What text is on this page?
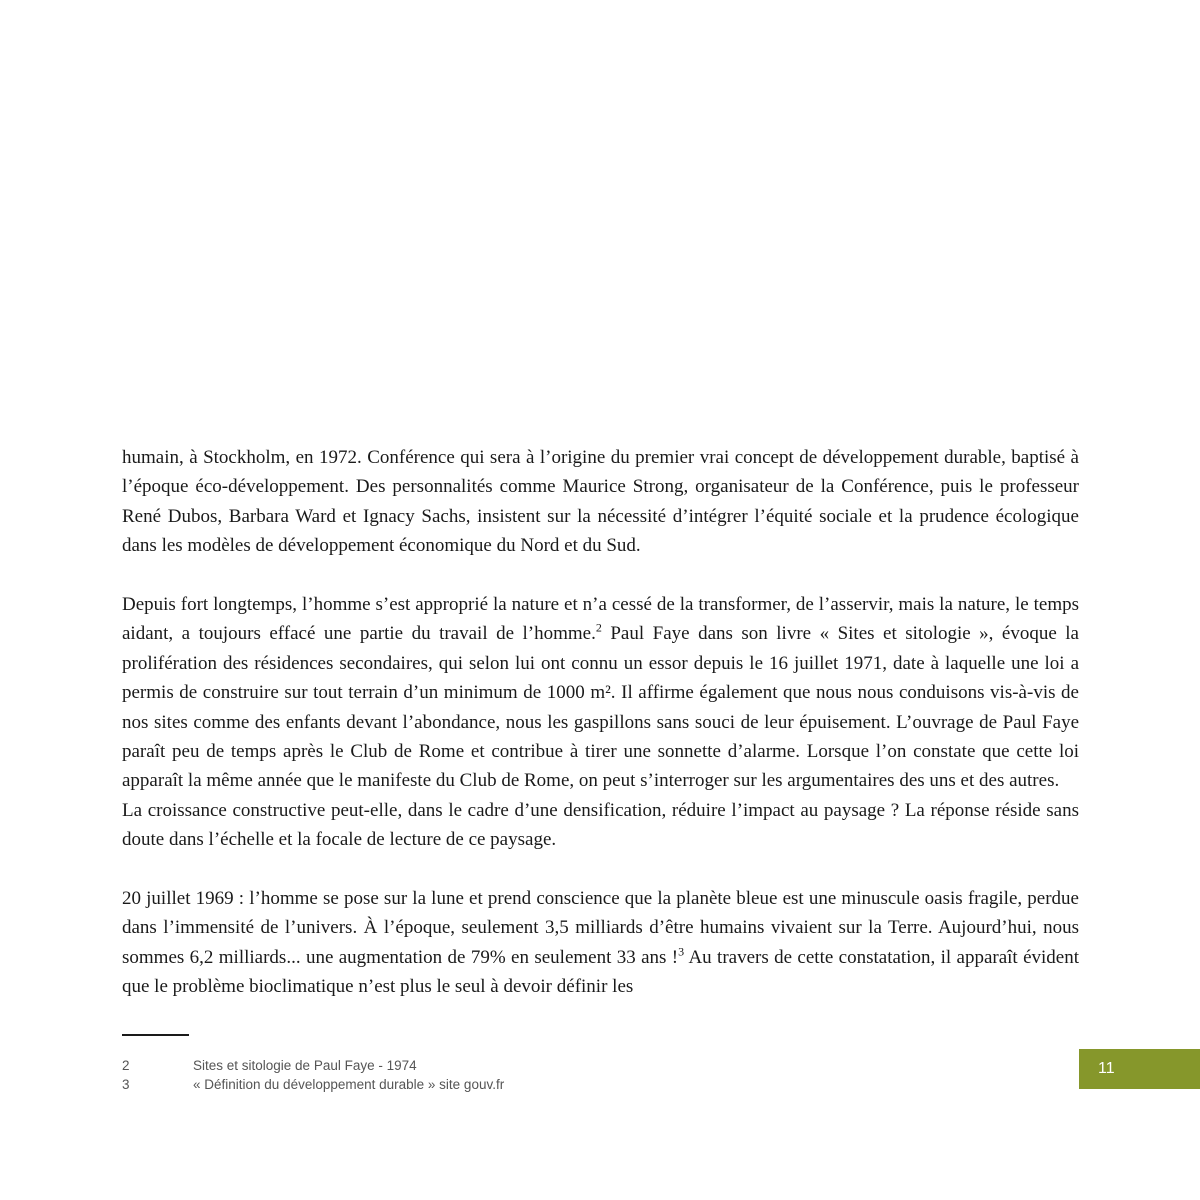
humain, à Stockholm, en 1972. Conférence qui sera à l’origine du premier vrai concept de développement durable, baptisé à l’époque éco-développement. Des personnalités comme Maurice Strong, organisateur de la Conférence, puis le professeur René Dubos, Barbara Ward et Ignacy Sachs, insistent sur la nécessité d’intégrer l’équité sociale et la prudence écologique dans les modèles de développement économique du Nord et du Sud.

Depuis fort longtemps, l’homme s’est approprié la nature et n’a cessé de la transformer, de l’asservir, mais la nature, le temps aidant, a toujours effacé une partie du travail de l’homme.$^2$ Paul Faye dans son livre « Sites et sitologie », évoque la prolifération des résidences secondaires, qui selon lui ont connu un essor depuis le 16 juillet 1971, date à laquelle une loi a permis de construire sur tout terrain d’un minimum de 1000 m². Il affirme également que nous nous conduisons vis-à-vis de nos sites comme des enfants devant l’abondance, nous les gaspillons sans souci de leur épuisement. L’ouvrage de Paul Faye paraît peu de temps après le Club de Rome et contribue à tirer une sonnette d’alarme. Lorsque l’on constate que cette loi apparaît la même année que le manifeste du Club de Rome, on peut s’interroger sur les argumentaires des uns et des autres.

La croissance constructive peut-elle, dans le cadre d’une densification, réduire l’impact au paysage ? La réponse réside sans doute dans l’échelle et la focale de lecture de ce paysage.

20 juillet 1969 : l’homme se pose sur la lune et prend conscience que la planète bleue est une minuscule oasis fragile, perdue dans l’immensité de l’univers. À l’époque, seulement 3,5 milliards d’être humains vivaient sur la Terre. Aujourd’hui, nous sommes 6,2 milliards... une augmentation de 79% en seulement 33 ans !$^3$ Au travers de cette constatation, il apparaît évident que le problème bioclimatique n’est plus le seul à devoir définir les

2	Sites et sitologie de Paul Faye - 1974
3	« Définition du développement durable » site gouv.fr
11
